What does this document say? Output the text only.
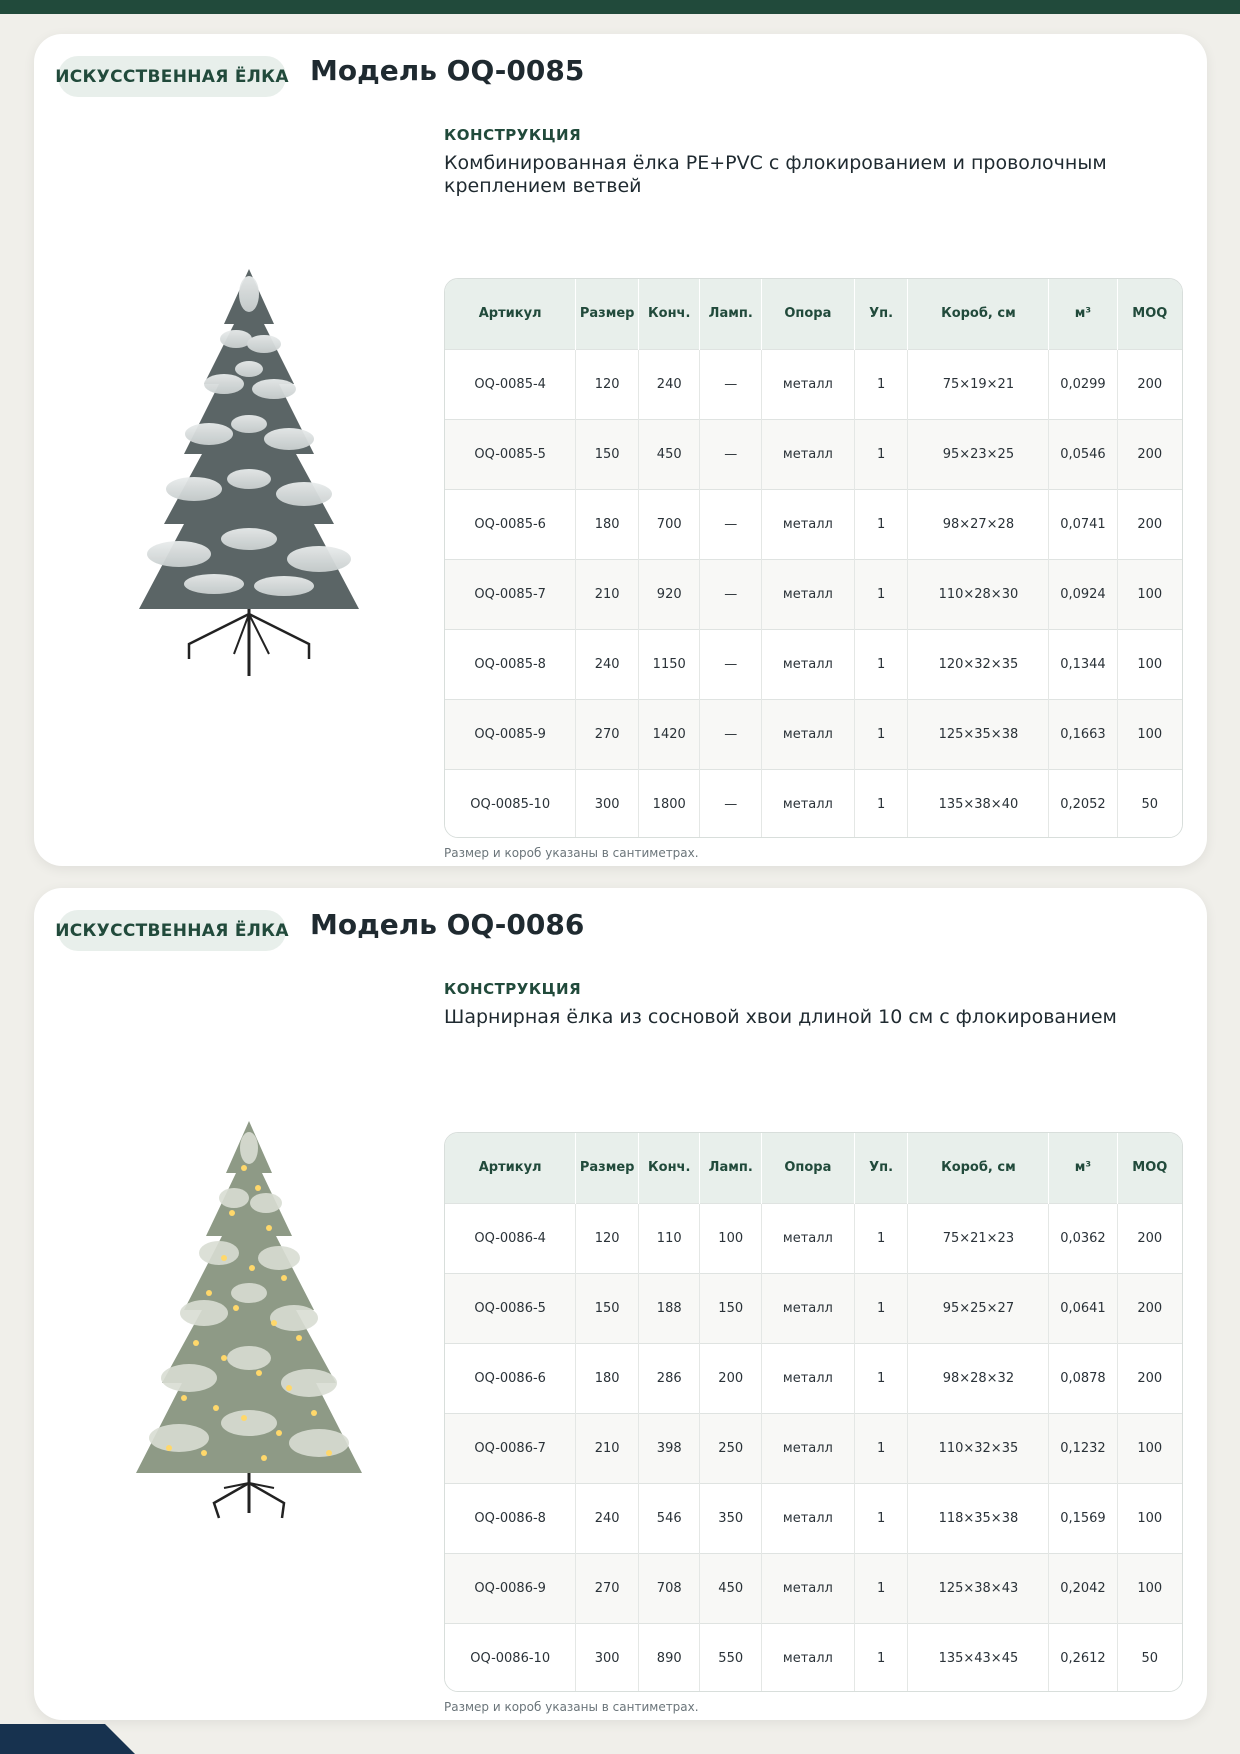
ИСКУССТВЕННАЯ ЁЛКА Модель OQ-0085
КОНСТРУКЦИЯ

Комбинированная ёлка PE+PVC с флокированием и проволочным креплением ветвей

Артикул	Размер	Конч.	Ламп.	Опора	Уп.	Короб, см	м³	MOQ
OQ-0085-4	120	240	—	металл	1	75×19×21	0,0299	200
OQ-0085-5	150	450	—	металл	1	95×23×25	0,0546	200
OQ-0085-6	180	700	—	металл	1	98×27×28	0,0741	200
OQ-0085-7	210	920	—	металл	1	110×28×30	0,0924	100
OQ-0085-8	240	1150	—	металл	1	120×32×35	0,1344	100
OQ-0085-9	270	1420	—	металл	1	125×35×38	0,1663	100
OQ-0085-10	300	1800	—	металл	1	135×38×40	0,2052	50
Размер и короб указаны в сантиметрах.
ИСКУССТВЕННАЯ ЁЛКА Модель OQ-0086
КОНСТРУКЦИЯ

Шарнирная ёлка из сосновой хвои длиной 10 см с флокированием

Артикул	Размер	Конч.	Ламп.	Опора	Уп.	Короб, см	м³	MOQ
OQ-0086-4	120	110	100	металл	1	75×21×23	0,0362	200
OQ-0086-5	150	188	150	металл	1	95×25×27	0,0641	200
OQ-0086-6	180	286	200	металл	1	98×28×32	0,0878	200
OQ-0086-7	210	398	250	металл	1	110×32×35	0,1232	100
OQ-0086-8	240	546	350	металл	1	118×35×38	0,1569	100
OQ-0086-9	270	708	450	металл	1	125×38×43	0,2042	100
OQ-0086-10	300	890	550	металл	1	135×43×45	0,2612	50
Размер и короб указаны в сантиметрах.
